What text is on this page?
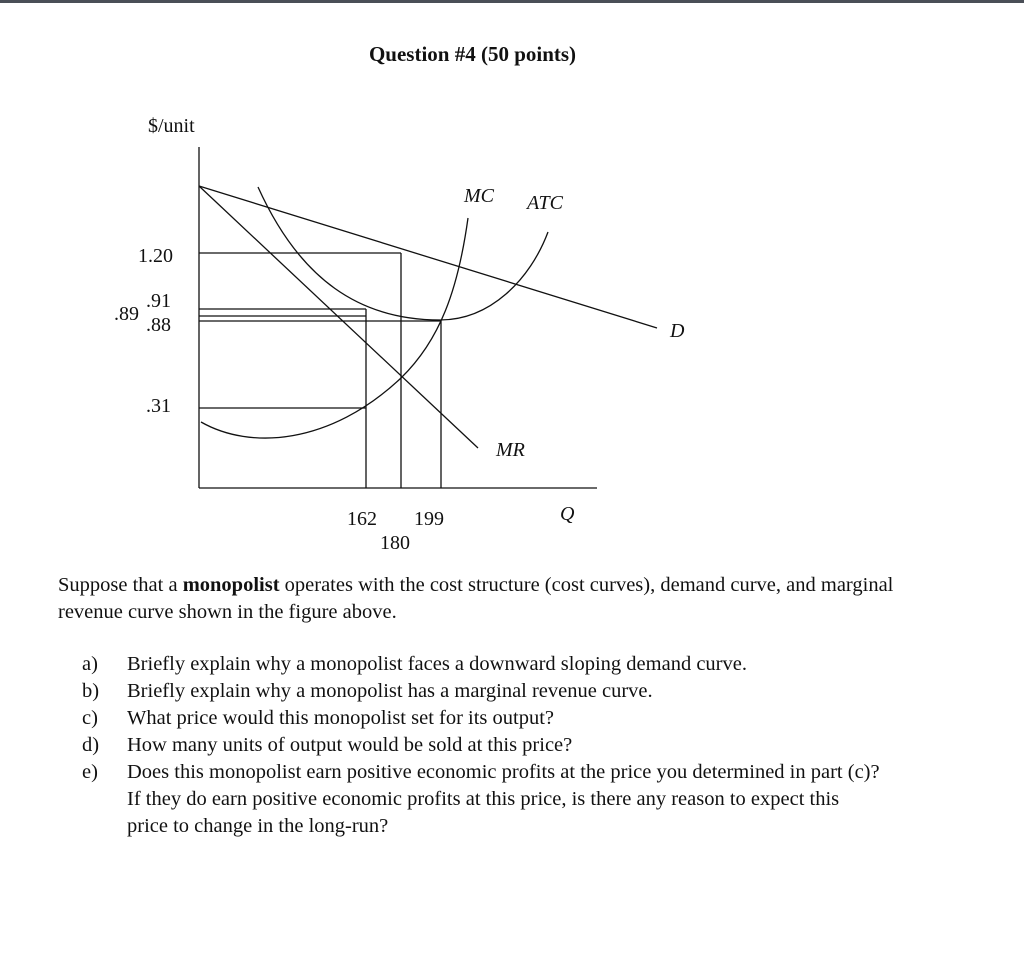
Question #4 (50 points)
$/unit
Q
1.20
.91
.89 .88
.31
162 199
180
MC ATC
D
MR

Suppose that a monopolist operates with the cost structure (cost curves), demand curve, and marginal revenue curve shown in the figure above.

a) Briefly explain why a monopolist faces a downward sloping demand curve.
b) Briefly explain why a monopolist has a marginal revenue curve.
c) What price would this monopolist set for its output?
d) How many units of output would be sold at this price?
e) Does this monopolist earn positive economic profits at the price you determined in part (c)? If they do earn positive economic profits at this price, is there any reason to expect this price to change in the long-run?
